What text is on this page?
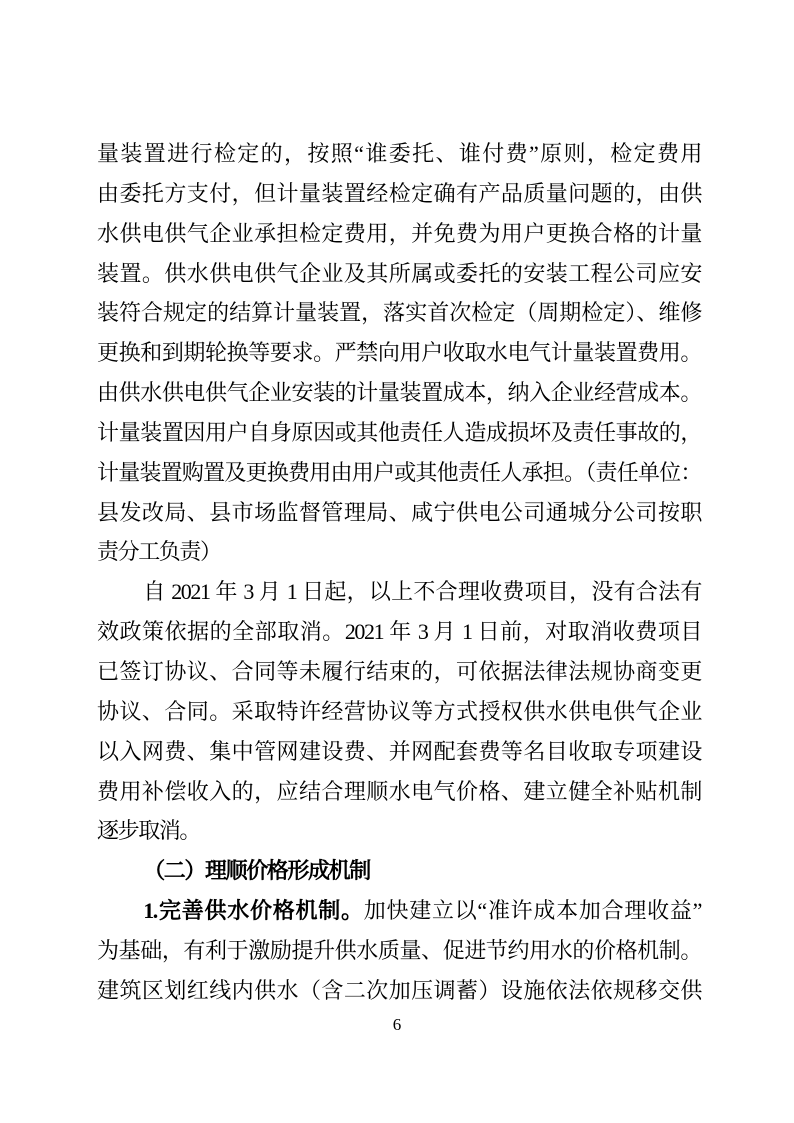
量装置进行检定的，按照“谁委托、谁付费”原则，检定费用
由委托方支付，但计量装置经检定确有产品质量问题的，由供
水供电供气企业承担检定费用，并免费为用户更换合格的计量
装置。供水供电供气企业及其所属或委托的安装工程公司应安
装符合规定的结算计量装置，落实首次检定（周期检定）、维修
更换和到期轮换等要求。严禁向用户收取水电气计量装置费用。
由供水供电供气企业安装的计量装置成本，纳入企业经营成本。
计量装置因用户自身原因或其他责任人造成损坏及责任事故的，
计量装置购置及更换费用由用户或其他责任人承担。（责任单位：
县发改局、县市场监督管理局、咸宁供电公司通城分公司按职
责分工负责）
自 2021 年 3 月 1 日起，以上不合理收费项目，没有合法有
效政策依据的全部取消。2021 年 3 月 1 日前，对取消收费项目
已签订协议、合同等未履行结束的，可依据法律法规协商变更
协议、合同。采取特许经营协议等方式授权供水供电供气企业
以入网费、集中管网建设费、并网配套费等名目收取专项建设
费用补偿收入的，应结合理顺水电气价格、建立健全补贴机制
逐步取消。
（二）理顺价格形成机制
1.完善供水价格机制。加快建立以“准许成本加合理收益”
为基础，有利于激励提升供水质量、促进节约用水的价格机制。
建筑区划红线内供水（含二次加压调蓄）设施依法依规移交供
6
